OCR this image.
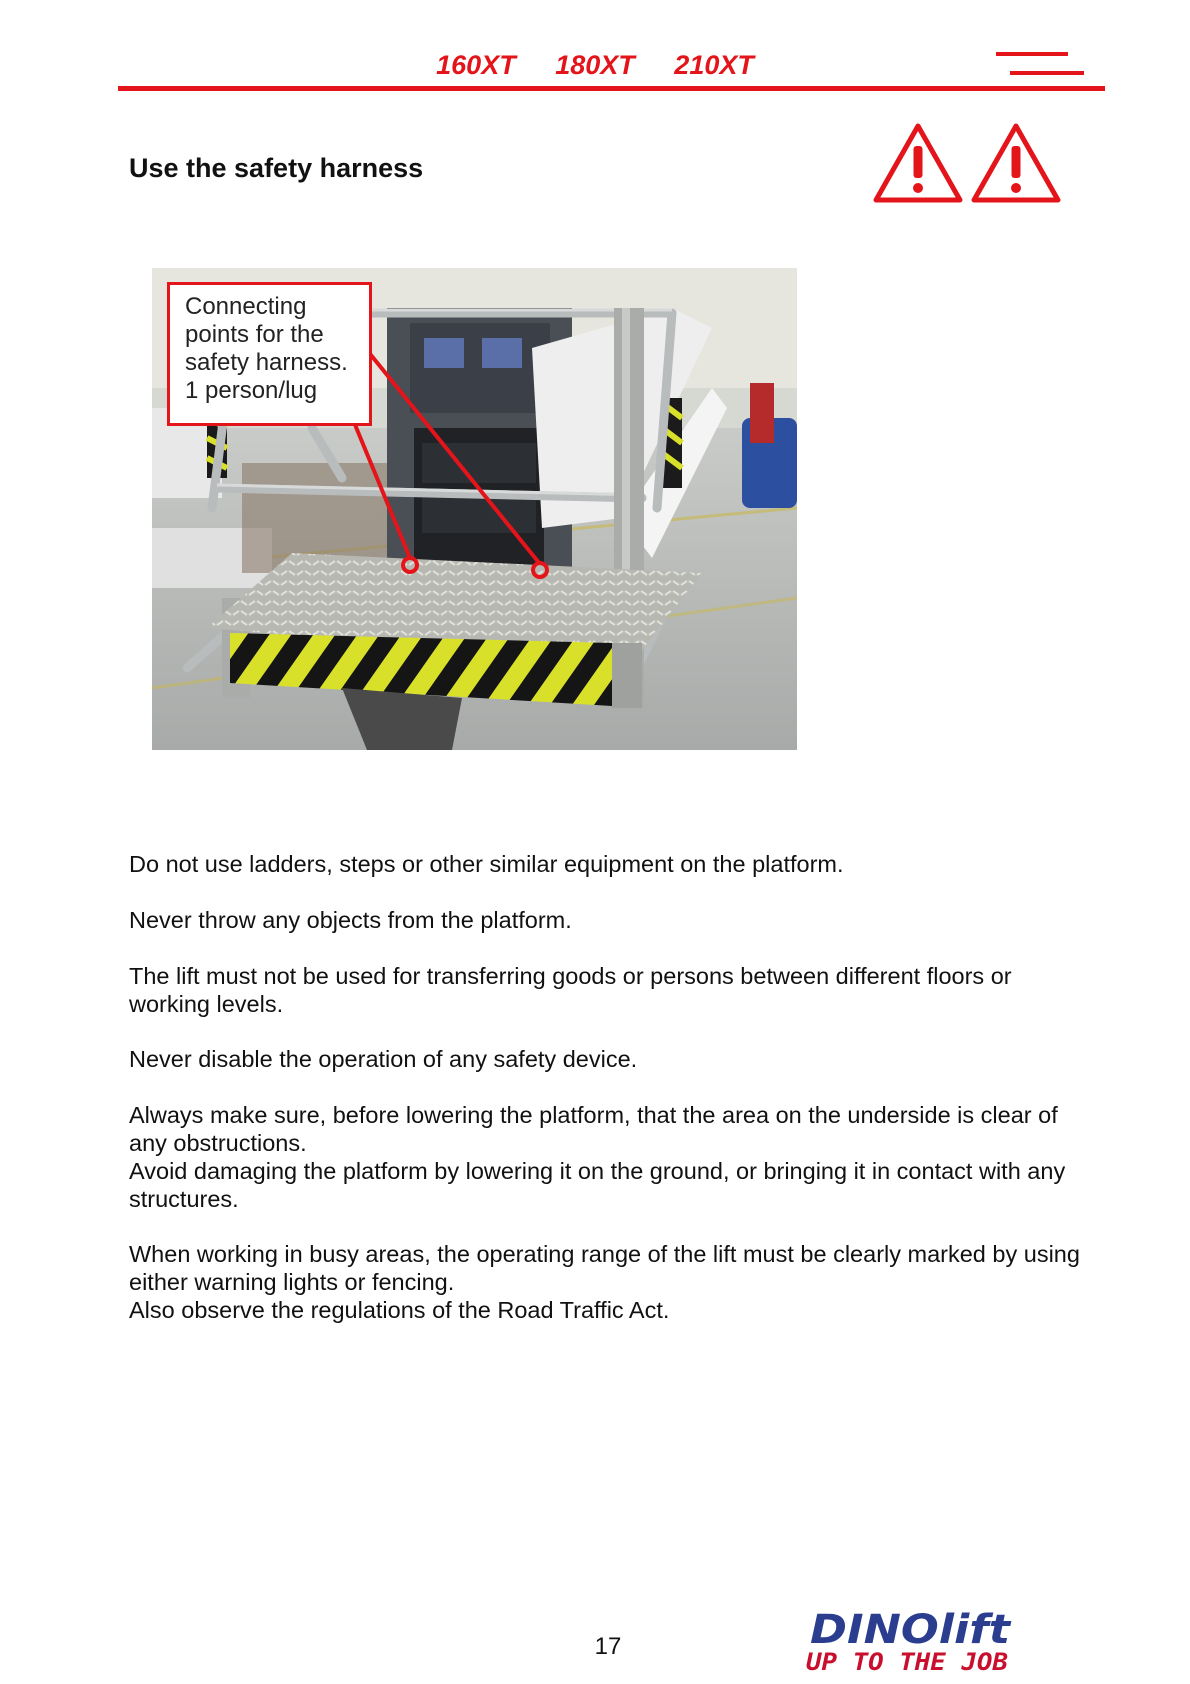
160XT 180XT 210XT
Use the safety harness
Connecting
points for the
safety harness.
1 person/lug

Do not use ladders, steps or other similar equipment on the platform.

Never throw any objects from the platform.

The lift must not be used for transferring goods or persons between different floors or working levels.

Never disable the operation of any safety device.

Always make sure, before lowering the platform, that the area on the underside is clear of any obstructions.

Avoid damaging the platform by lowering it on the ground, or bringing it in contact with any structures.

When working in busy areas, the operating range of the lift must be clearly marked by using either warning lights or fencing.

Also observe the regulations of the Road Traffic Act.

17	DINOlift
UP TO THE JOB
